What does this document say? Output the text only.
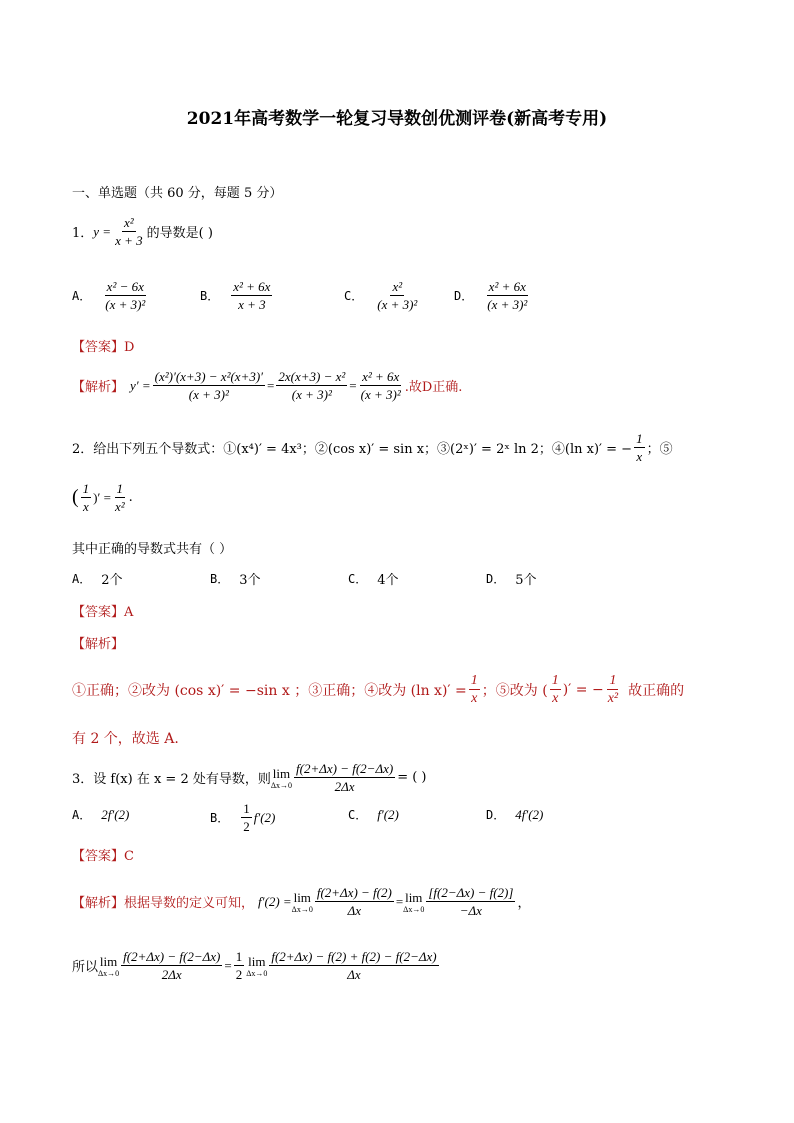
2021年高考数学一轮复习导数创优测评卷(新高考专用)
一、单选题（共 60 分，每题 5 分）
1． $y = \frac{\text{x²}}{x + 3}$ 的导数是( )
A． $\frac{\text{x² − 6x}}{\text{(x + 3)²}}$	B． $\frac{\text{x² + 6x}}{x + 3}$	C． $\frac{\text{x²}}{\text{(x + 3)²}}$	D． $\frac{\text{x² + 6x}}{\text{(x + 3)²}}$
【答案】D
【解析】 $y' = \frac{\text{(x²)′(x+3) − x²(x+3)′}}{\text{(x + 3)²}} = \frac{\text{2x(x+3) − x²}}{\text{(x + 3)²}} = \frac{\text{x² + 6x}}{\text{(x + 3)²}}$ .故D正确.
2．给出下列五个导数式：①(x⁴)′ = 4x³；②(cos x)′ = sin x；③(2ˣ)′ = 2ˣ ln 2；④(ln x)′ = − $\frac{1}{x}$ ；⑤
( $\frac{1}{x}$ )′ = $\frac{1}{\text{x²}}$ .
其中正确的导数式共有（ ）
A． 2个	B． 3个	C． 4个	D． 5个
【答案】A
【解析】
①正确；②改为 (cos x)′ = −sin x ；③正确；④改为 (ln $x)' = \frac{1}{x}$ ；⑤改为 ( $\frac{1}{x}$ )′ = − $\frac{1}{\text{x²}}$ 故正确的
有 2 个，故选 A.
3．设 f(x) 在 x = 2 处有导数，则 lim
$\Delta x\to 0 \frac{f(2+\Delta x) - f(2-\Delta x)}{2\Delta x}$ = ( )
A． 2f′(2)	B． $\frac{1}{2} f'(2)$	C． f′(2)	D． 4f′(2)
【答案】C
【解析】 根据导数的定义可知， f′(2) = lim
$\Delta x\to 0 \frac{f(2+\Delta x) - f(2)}{\Delta x} = \lim$
$\Delta x\to 0 \frac{[f(2-\Delta x) - f(2)]}{-\Delta x}$ ，
所以 lim
$\Delta x\to 0 \frac{f(2+\Delta x) - f(2-\Delta x)}{2\Delta x} = \frac{1}{2}$ lim
$\Delta x\to 0 \frac{f(2+\Delta x) - f(2) + f(2) - f(2-\Delta x)}{\Delta x}$
